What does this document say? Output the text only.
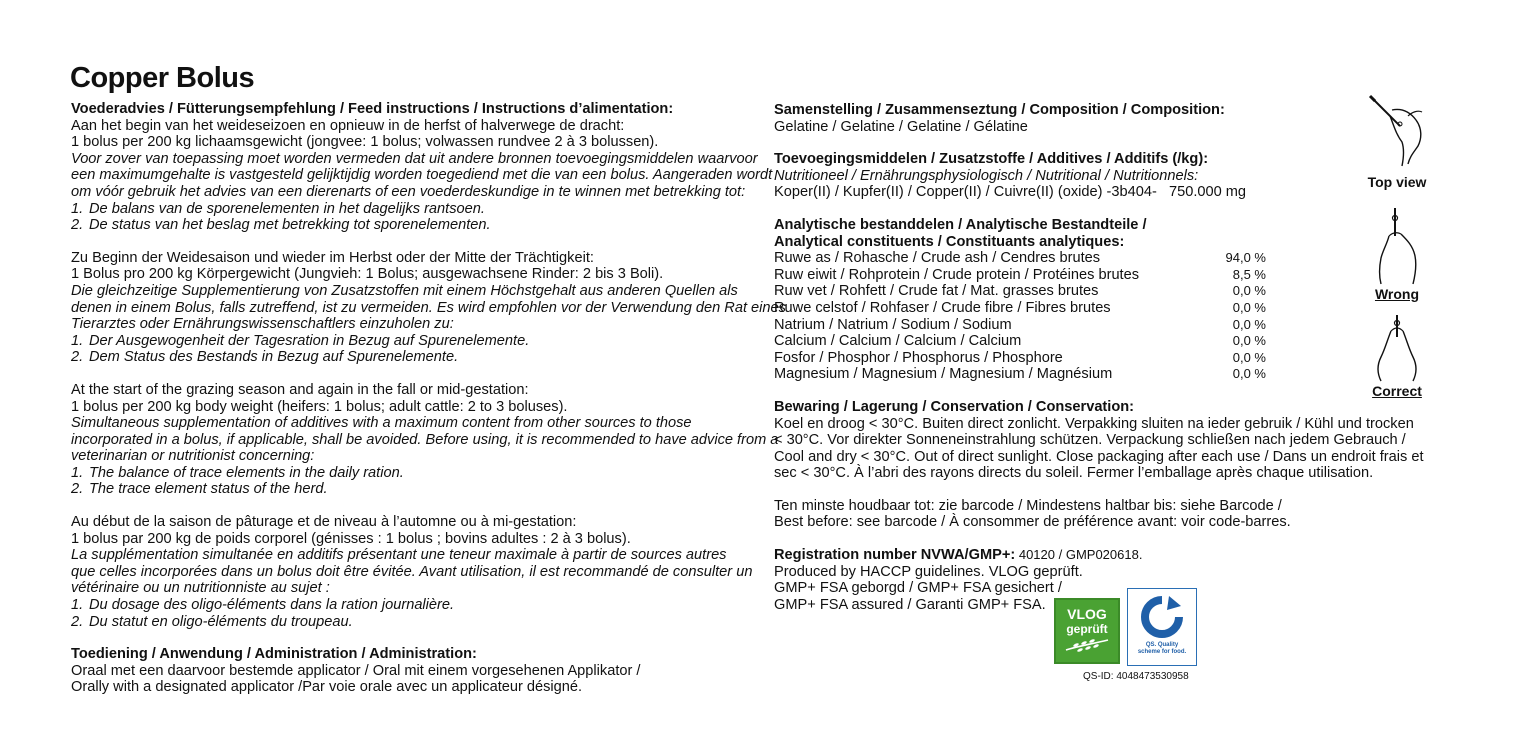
Copper Bolus
Voederadvies / Fütterungsempfehlung / Feed instructions / Instructions d’alimentation:
Aan het begin van het weideseizoen en opnieuw in de herfst of halverwege de dracht:
1 bolus per 200 kg lichaamsgewicht (jongvee: 1 bolus; volwassen rundvee 2 à 3 bolussen).
Voor zover van toepassing moet worden vermeden dat uit andere bronnen toevoegingsmiddelen waarvoor
een maximumgehalte is vastgesteld gelijktijdig worden toegediend met die van een bolus. Aangeraden wordt
om vóór gebruik het advies van een dierenarts of een voederdeskundige in te winnen met betrekking tot:
1. De balans van de sporenelementen in het dagelijks rantsoen.
2. De status van het beslag met betrekking tot sporenelementen.
Zu Beginn der Weidesaison und wieder im Herbst oder der Mitte der Trächtigkeit:
1 Bolus pro 200 kg Körpergewicht (Jungvieh: 1 Bolus; ausgewachsene Rinder: 2 bis 3 Boli).
Die gleichzeitige Supplementierung von Zusatzstoffen mit einem Höchstgehalt aus anderen Quellen als
denen in einem Bolus, falls zutreffend, ist zu vermeiden. Es wird empfohlen vor der Verwendung den Rat eines
Tierarztes oder Ernährungswissenschaftlers einzuholen zu:
1. Der Ausgewogenheit der Tagesration in Bezug auf Spurenelemente.
2. Dem Status des Bestands in Bezug auf Spurenelemente.
At the start of the grazing season and again in the fall or mid-gestation:
1 bolus per 200 kg body weight (heifers: 1 bolus; adult cattle: 2 to 3 boluses).
Simultaneous supplementation of additives with a maximum content from other sources to those
incorporated in a bolus, if applicable, shall be avoided. Before using, it is recommended to have advice from a
veterinarian or nutritionist concerning:
1. The balance of trace elements in the daily ration.
2. The trace element status of the herd.
Au début de la saison de pâturage et de niveau à l’automne ou à mi-gestation:
1 bolus par 200 kg de poids corporel (génisses : 1 bolus ; bovins adultes : 2 à 3 bolus).
La supplémentation simultanée en additifs présentant une teneur maximale à partir de sources autres
que celles incorporées dans un bolus doit être évitée. Avant utilisation, il est recommandé de consulter un
vétérinaire ou un nutritionniste au sujet :
1. Du dosage des oligo-éléments dans la ration journalière.
2. Du statut en oligo-éléments du troupeau.
Toediening / Anwendung / Administration / Administration:
Oraal met een daarvoor bestemde applicator / Oral mit einem vorgesehenen Applikator /
Orally with a designated applicator /Par voie orale avec un applicateur désigné.
Samenstelling / Zusammenseztung / Composition / Composition:
Gelatine / Gelatine / Gelatine / Gélatine
Toevoegingsmiddelen / Zusatzstoffe / Additives / Additifs (/kg):
Nutritioneel / Ernährungsphysiologisch / Nutritional / Nutritionnels:
Koper(II) / Kupfer(II) / Copper(II) / Cuivre(II) (oxide) -3b404-   750.000 mg
Analytische bestanddelen / Analytische Bestandteile /
Analytical constituents / Constituants analytiques:
Ruwe as / Rohasche / Crude ash / Cendres brutes	94,0 %
Ruw eiwit / Rohprotein / Crude protein / Protéines brutes	8,5 %
Ruw vet / Rohfett / Crude fat / Mat. grasses brutes	0,0 %
Ruwe celstof / Rohfaser / Crude fibre / Fibres brutes	0,0 %
Natrium / Natrium / Sodium / Sodium	0,0 %
Calcium / Calcium / Calcium / Calcium	0,0 %
Fosfor / Phosphor / Phosphorus / Phosphore	0,0 %
Magnesium / Magnesium / Magnesium / Magnésium	0,0 %
Bewaring / Lagerung / Conservation / Conservation:
Koel en droog < 30°C. Buiten direct zonlicht. Verpakking sluiten na ieder gebruik / Kühl und trocken
< 30°C. Vor direkter Sonneneinstrahlung schützen. Verpackung schließen nach jedem Gebrauch /
Cool and dry < 30°C. Out of direct sunlight. Close packaging after each use / Dans un endroit frais et
sec < 30°C. À l’abri des rayons directs du soleil. Fermer l’emballage après chaque utilisation.
Ten minste houdbaar tot: zie barcode / Mindestens haltbar bis: siehe Barcode /
Best before: see barcode / À consommer de préférence avant: voir code-barres.
Registration number NVWA/GMP+: 40120 / GMP020618.
Produced by HACCP guidelines. VLOG geprüft.
GMP+ FSA geborgd / GMP+ FSA gesichert /
GMP+ FSA assured / Garanti GMP+ FSA.
Top view
Wrong
Correct
VLOG
geprüft
QS. Quality
scheme for food.
QS-ID: 4048473530958
